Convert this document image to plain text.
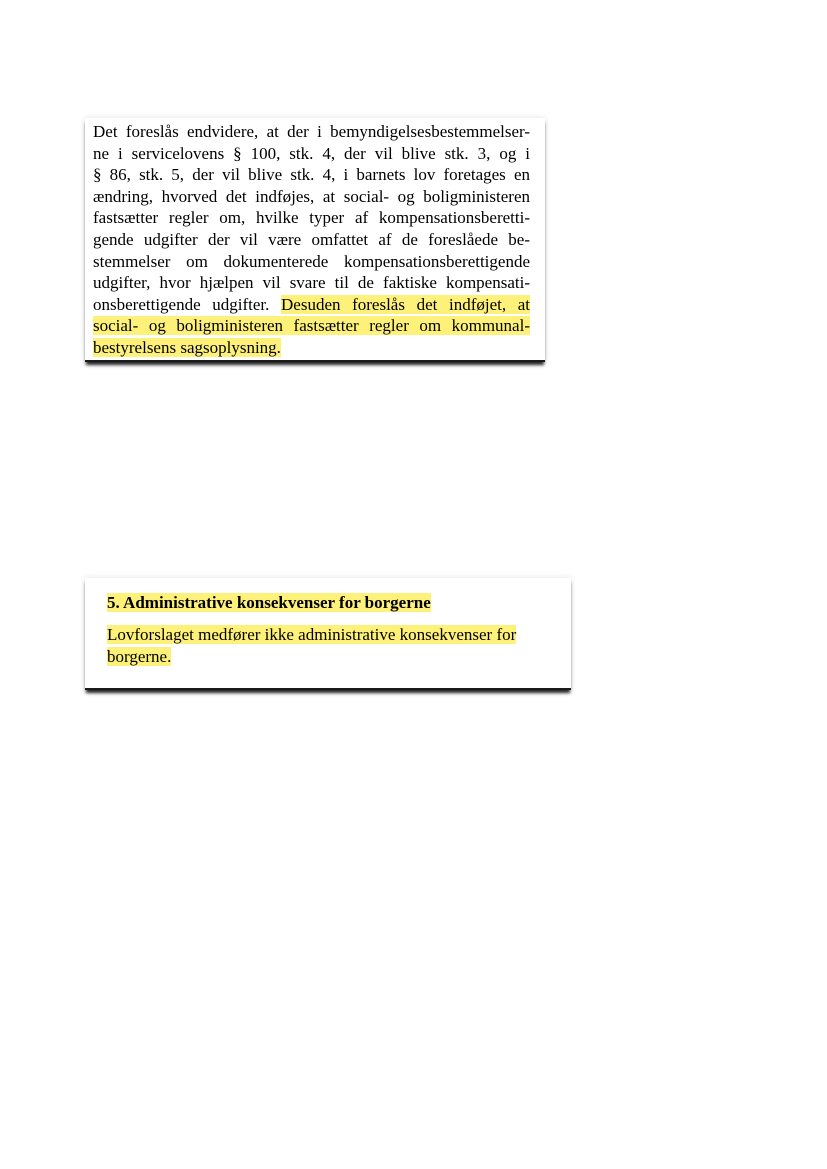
Det foreslås endvidere, at der i bemyndigelsesbestemmelser-
ne i servicelovens § 100, stk. 4, der vil blive stk. 3, og i
§ 86, stk. 5, der vil blive stk. 4, i barnets lov foretages en
ændring, hvorved det indføjes, at social- og boligministeren
fastsætter regler om, hvilke typer af kompensationsberetti-
gende udgifter der vil være omfattet af de foreslåede be-
stemmelser om dokumenterede kompensationsberettigende
udgifter, hvor hjælpen vil svare til de faktiske kompensati-
onsberettigende udgifter. Desuden foreslås det indføjet, at
social- og boligministeren fastsætter regler om kommunal-
bestyrelsens sagsoplysning.
5. Administrative konsekvenser for borgerne
Lovforslaget medfører ikke administrative konsekvenser for
borgerne.
